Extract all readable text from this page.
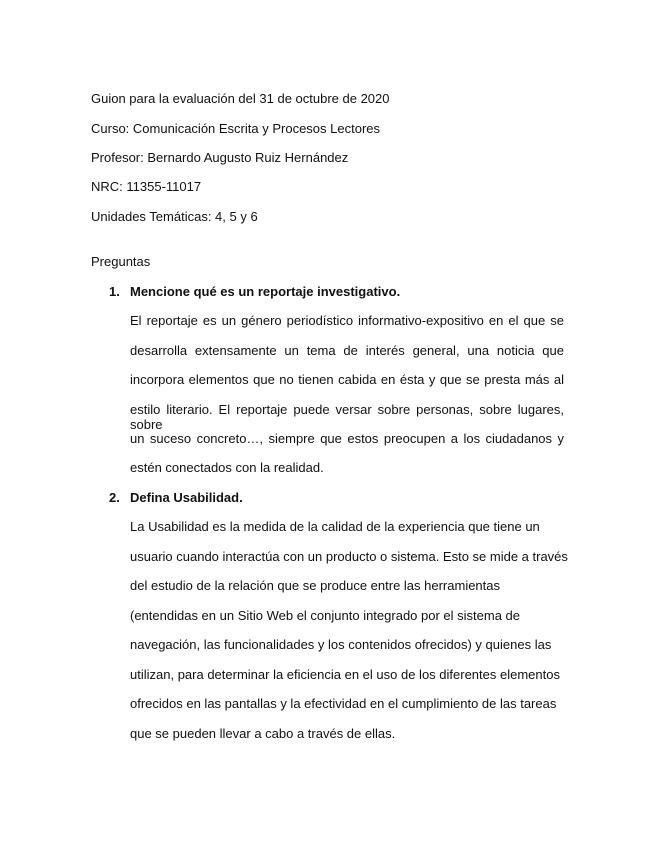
Guion para la evaluación del 31 de octubre de 2020
Curso: Comunicación Escrita y Procesos Lectores
Profesor: Bernardo Augusto Ruiz Hernández
NRC: 11355-11017
Unidades Temáticas: 4, 5 y 6
Preguntas
1. Mencione qué es un reportaje investigativo.
El reportaje es un género periodístico informativo-expositivo en el que se
desarrolla extensamente un tema de interés general, una noticia que
incorpora elementos que no tienen cabida en ésta y que se presta más al
estilo literario. El reportaje puede versar sobre personas, sobre lugares, sobre
un suceso concreto…, siempre que estos preocupen a los ciudadanos y
estén conectados con la realidad.
2. Defina Usabilidad.
La Usabilidad es la medida de la calidad de la experiencia que tiene un
usuario cuando interactúa con un producto o sistema. Esto se mide a través
del estudio de la relación que se produce entre las herramientas
(entendidas en un Sitio Web el conjunto integrado por el sistema de
navegación, las funcionalidades y los contenidos ofrecidos) y quienes las
utilizan, para determinar la eficiencia en el uso de los diferentes elementos
ofrecidos en las pantallas y la efectividad en el cumplimiento de las tareas
que se pueden llevar a cabo a través de ellas.
